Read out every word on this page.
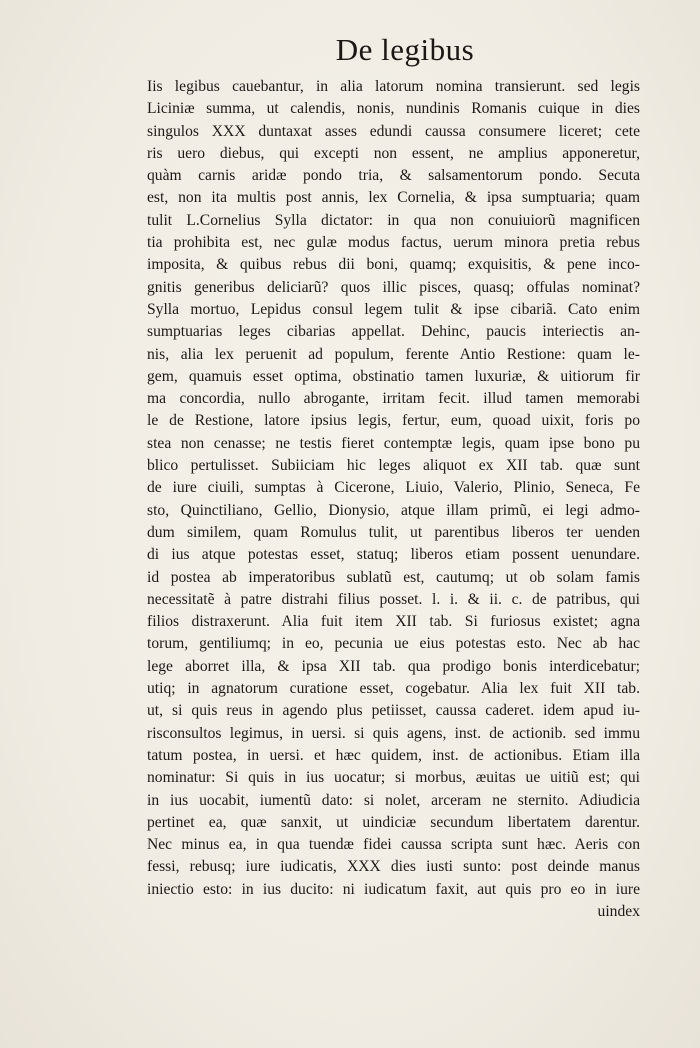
De legibus
Iis legibus cauebantur, in alia latorum nomina transierunt. sed legis
Liciniæ summa, ut calendis, nonis, nundinis Romanis cuique in dies
singulos XXX duntaxat asses edundi caussa consumere liceret; cete
ris uero diebus, qui excepti non essent, ne amplius apponeretur,
quàm carnis aridæ pondo tria, & salsamentorum pondo. Secuta
est, non ita multis post annis, lex Cornelia, & ipsa sumptuaria; quam
tulit L.Cornelius Sylla dictator: in qua non conuiuiorũ magnificen
tia prohibita est, nec gulæ modus factus, uerum minora pretia rebus
imposita, & quibus rebus dii boni, quamq; exquisitis, & pene inco-
gnitis generibus deliciarũ? quos illic pisces, quasq; offulas nominat?
Sylla mortuo, Lepidus consul legem tulit & ipse cibariã. Cato enim
sumptuarias leges cibarias appellat. Dehinc, paucis interiectis an-
nis, alia lex peruenit ad populum, ferente Antio Restione: quam le-
gem, quamuis esset optima, obstinatio tamen luxuriæ, & uitiorum fir
ma concordia, nullo abrogante, irritam fecit. illud tamen memorabi
le de Restione, latore ipsius legis, fertur, eum, quoad uixit, foris po
stea non cenasse; ne testis fieret contemptæ legis, quam ipse bono pu
blico pertulisset. Subiiciam hic leges aliquot ex XII tab. quæ sunt
de iure ciuili, sumptas à Cicerone, Liuio, Valerio, Plinio, Seneca, Fe
sto, Quinctiliano, Gellio, Dionysio, atque illam primũ, ei legi admo-
dum similem, quam Romulus tulit, ut parentibus liberos ter uenden
di ius atque potestas esset, statuq; liberos etiam possent uenundare.
id postea ab imperatoribus sublatũ est, cautumq; ut ob solam famis
necessitatẽ à patre distrahi filius posset. l. i. & ii. c. de patribus, qui
filios distraxerunt. Alia fuit item XII tab. Si furiosus existet; agna
torum, gentiliumq; in eo, pecunia ue eius potestas esto. Nec ab hac
lege aborret illa, & ipsa XII tab. qua prodigo bonis interdicebatur;
utiq; in agnatorum curatione esset, cogebatur. Alia lex fuit XII tab.
ut, si quis reus in agendo plus petiisset, caussa caderet. idem apud iu-
risconsultos legimus, in uersi. si quis agens, inst. de actionib. sed immu
tatum postea, in uersi. et hæc quidem, inst. de actionibus. Etiam illa
nominatur: Si quis in ius uocatur; si morbus, æuitas ue uitiũ est; qui
in ius uocabit, iumentũ dato: si nolet, arceram ne sternito. Adiudicia
pertinet ea, quæ sanxit, ut uindiciæ secundum libertatem darentur.
Nec minus ea, in qua tuendæ fidei caussa scripta sunt hæc. Aeris con
fessi, rebusq; iure iudicatis, XXX dies iusti sunto: post deinde manus
iniectio esto: in ius ducito: ni iudicatum faxit, aut quis pro eo in iure
uindex
